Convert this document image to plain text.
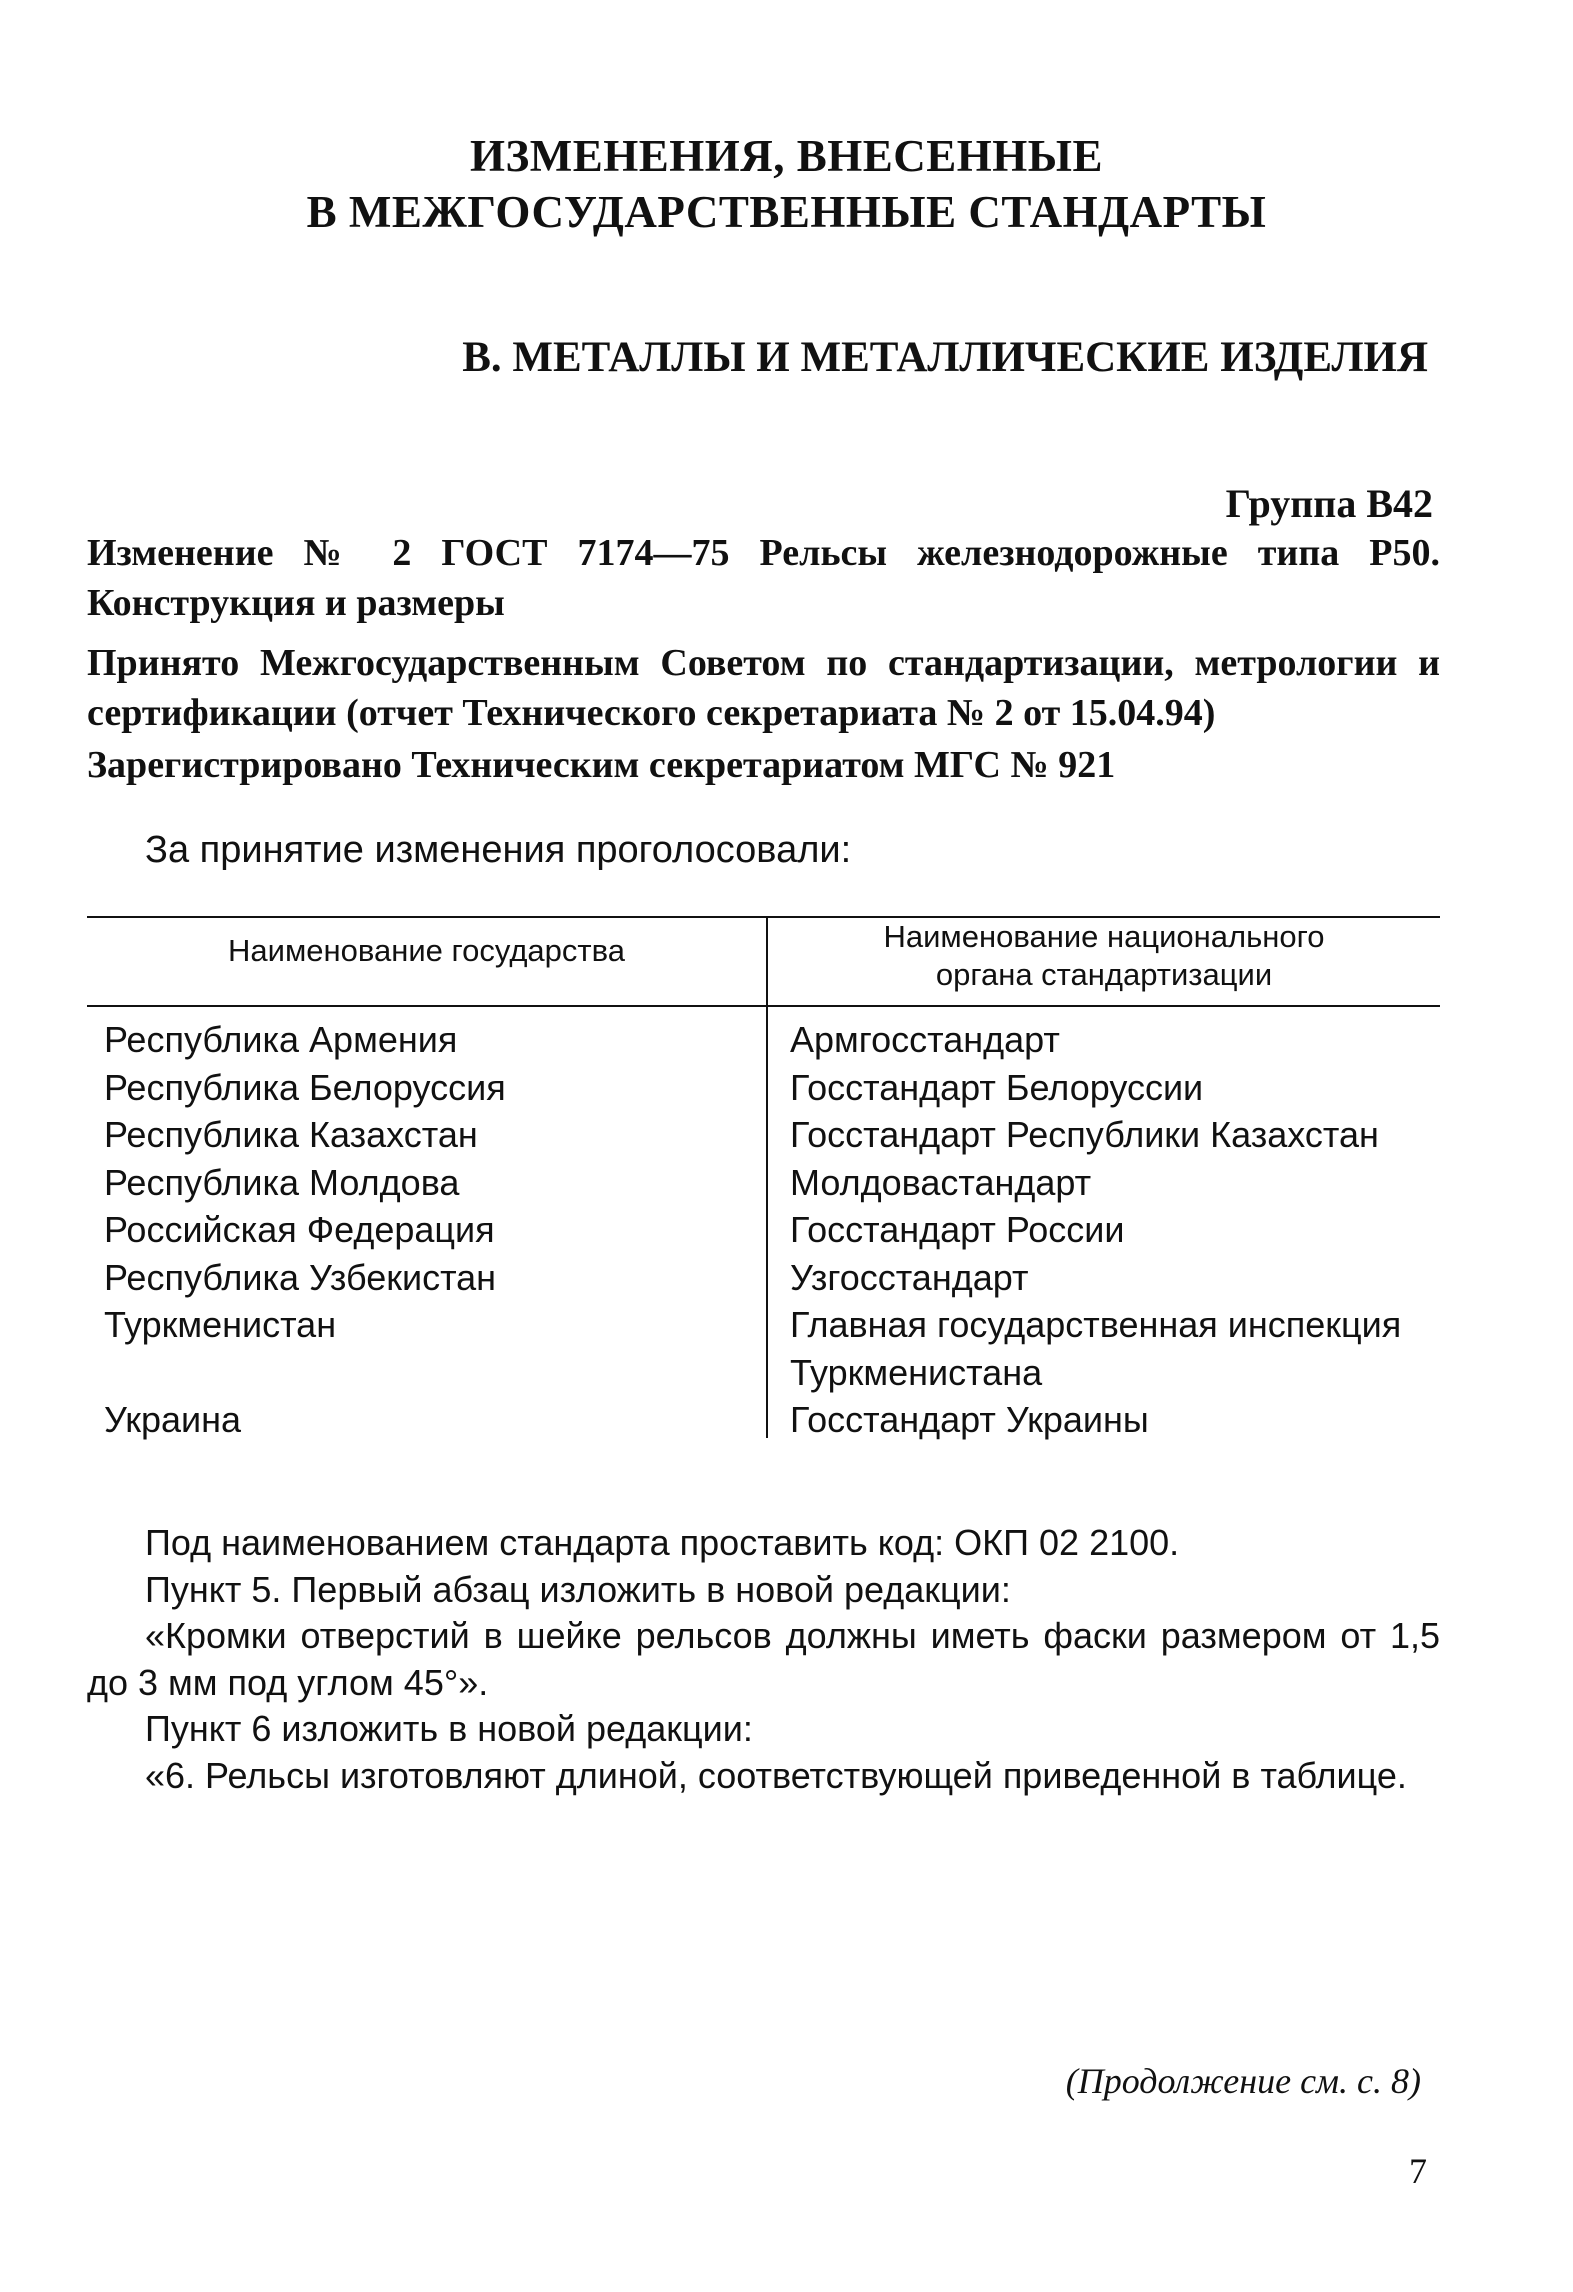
ИЗМЕНЕНИЯ, ВНЕСЕННЫЕ
В МЕЖГОСУДАРСТВЕННЫЕ СТАНДАРТЫ
В. МЕТАЛЛЫ И МЕТАЛЛИЧЕСКИЕ ИЗДЕЛИЯ
Группа В42
Изменение № 2 ГОСТ 7174—75 Рельсы железнодорожные типа Р50. Конструкция и размеры
Принято Межгосударственным Советом по стандартизации, метрологии и сертификации (отчет Технического секретариата № 2 от 15.04.94)
Зарегистрировано Техническим секретариатом МГС № 921
За принятие изменения проголосовали:
Наименование государства	Наименование национального
органа стандартизации
Республика Армения
Республика Белоруссия
Республика Казахстан
Республика Молдова
Российская Федерация
Республика Узбекистан
Туркменистан
Украина
Армгосстандарт
Госстандарт Белоруссии
Госстандарт Республики Казахстан
Молдовастандарт
Госстандарт России
Узгосстандарт
Главная государственная инспекция
Туркменистана
Госстандарт Украины

Под наименованием стандарта проставить код: ОКП 02 2100.

Пункт 5. Первый абзац изложить в новой редакции:

«Кромки отверстий в шейке рельсов должны иметь фаски размером от 1,5 до 3 мм под углом 45°».

Пункт 6 изложить в новой редакции:

«6. Рельсы изготовляют длиной, соответствующей приведенной в таблице.

(Продолжение см. с. 8)
7
